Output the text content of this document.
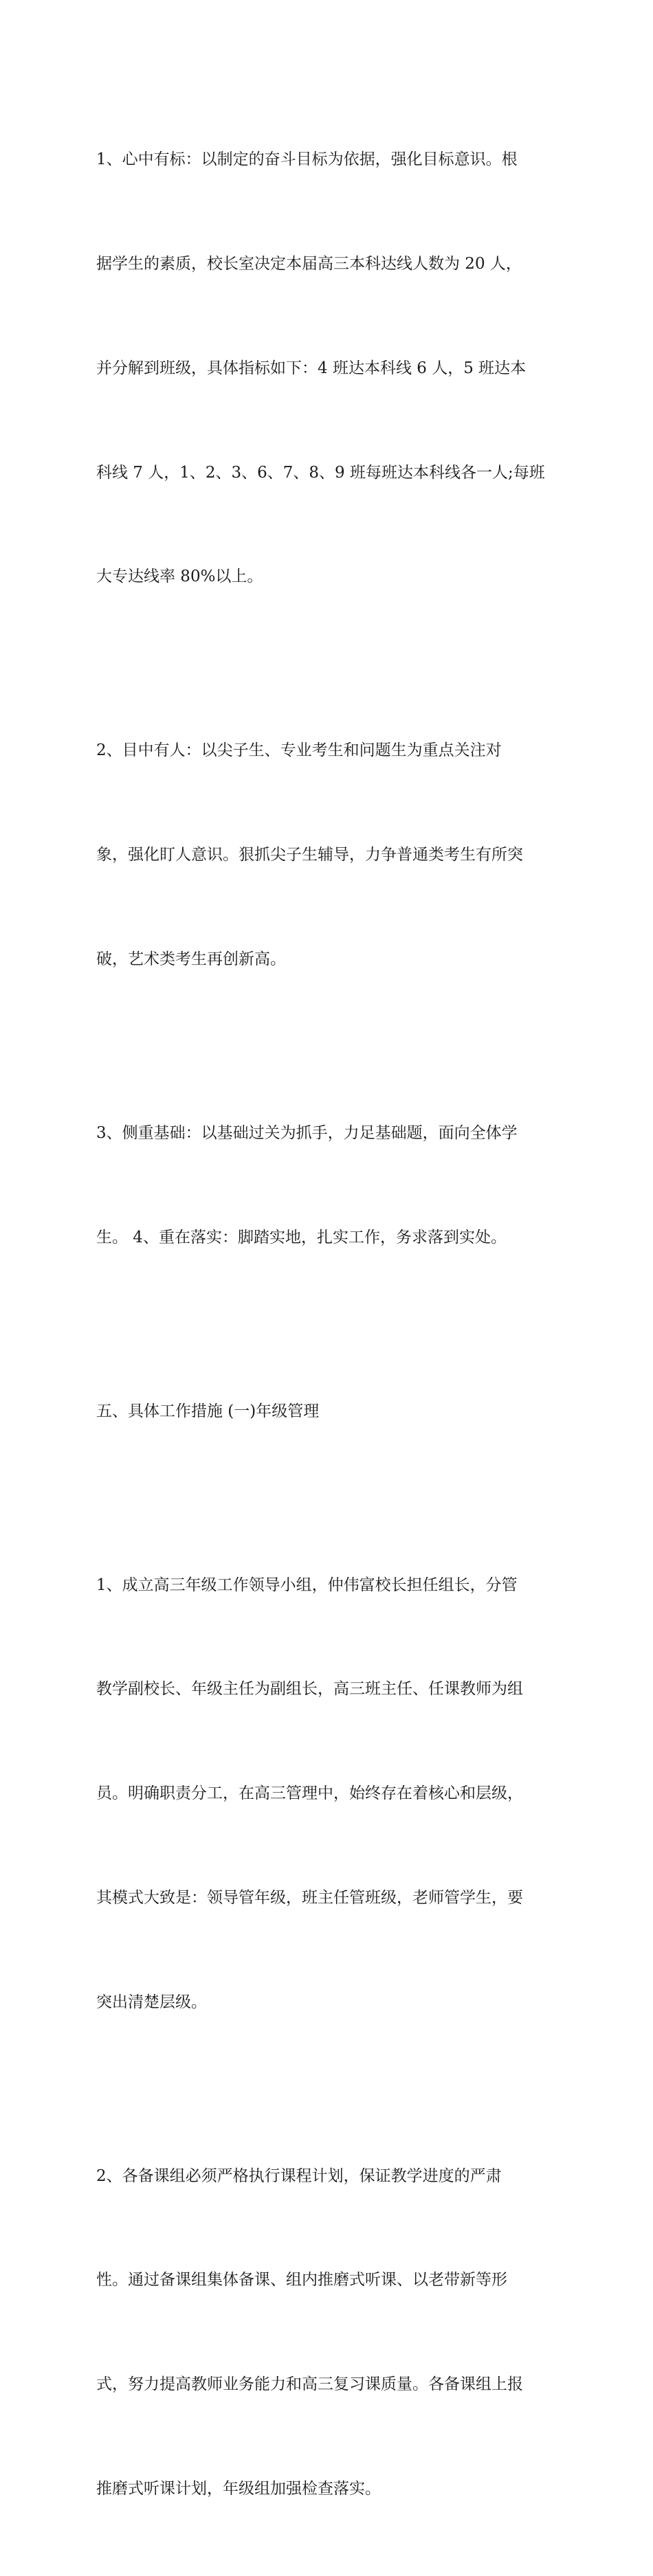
1、心中有标：以制定的奋斗目标为依据，强化目标意识。根

据学生的素质，校长室决定本届高三本科达线人数为 20 人，

并分解到班级，具体指标如下：4 班达本科线 6 人，5 班达本

科线 7 人，1、2、3、6、7、8、9 班每班达本科线各一人;每班

大专达线率 80%以上。

2、目中有人：以尖子生、专业考生和问题生为重点关注对

象，强化盯人意识。狠抓尖子生辅导，力争普通类考生有所突

破，艺术类考生再创新高。

3、侧重基础：以基础过关为抓手，力足基础题，面向全体学

生。 4、重在落实：脚踏实地，扎实工作，务求落到实处。

五、具体工作措施 (一)年级管理

1、成立高三年级工作领导小组，仲伟富校长担任组长，分管

教学副校长、年级主任为副组长，高三班主任、任课教师为组

员。明确职责分工，在高三管理中，始终存在着核心和层级，

其模式大致是：领导管年级，班主任管班级，老师管学生，要

突出清楚层级。

2、各备课组必须严格执行课程计划，保证教学进度的严肃

性。通过备课组集体备课、组内推磨式听课、以老带新等形

式，努力提高教师业务能力和高三复习课质量。各备课组上报

推磨式听课计划，年级组加强检查落实。
